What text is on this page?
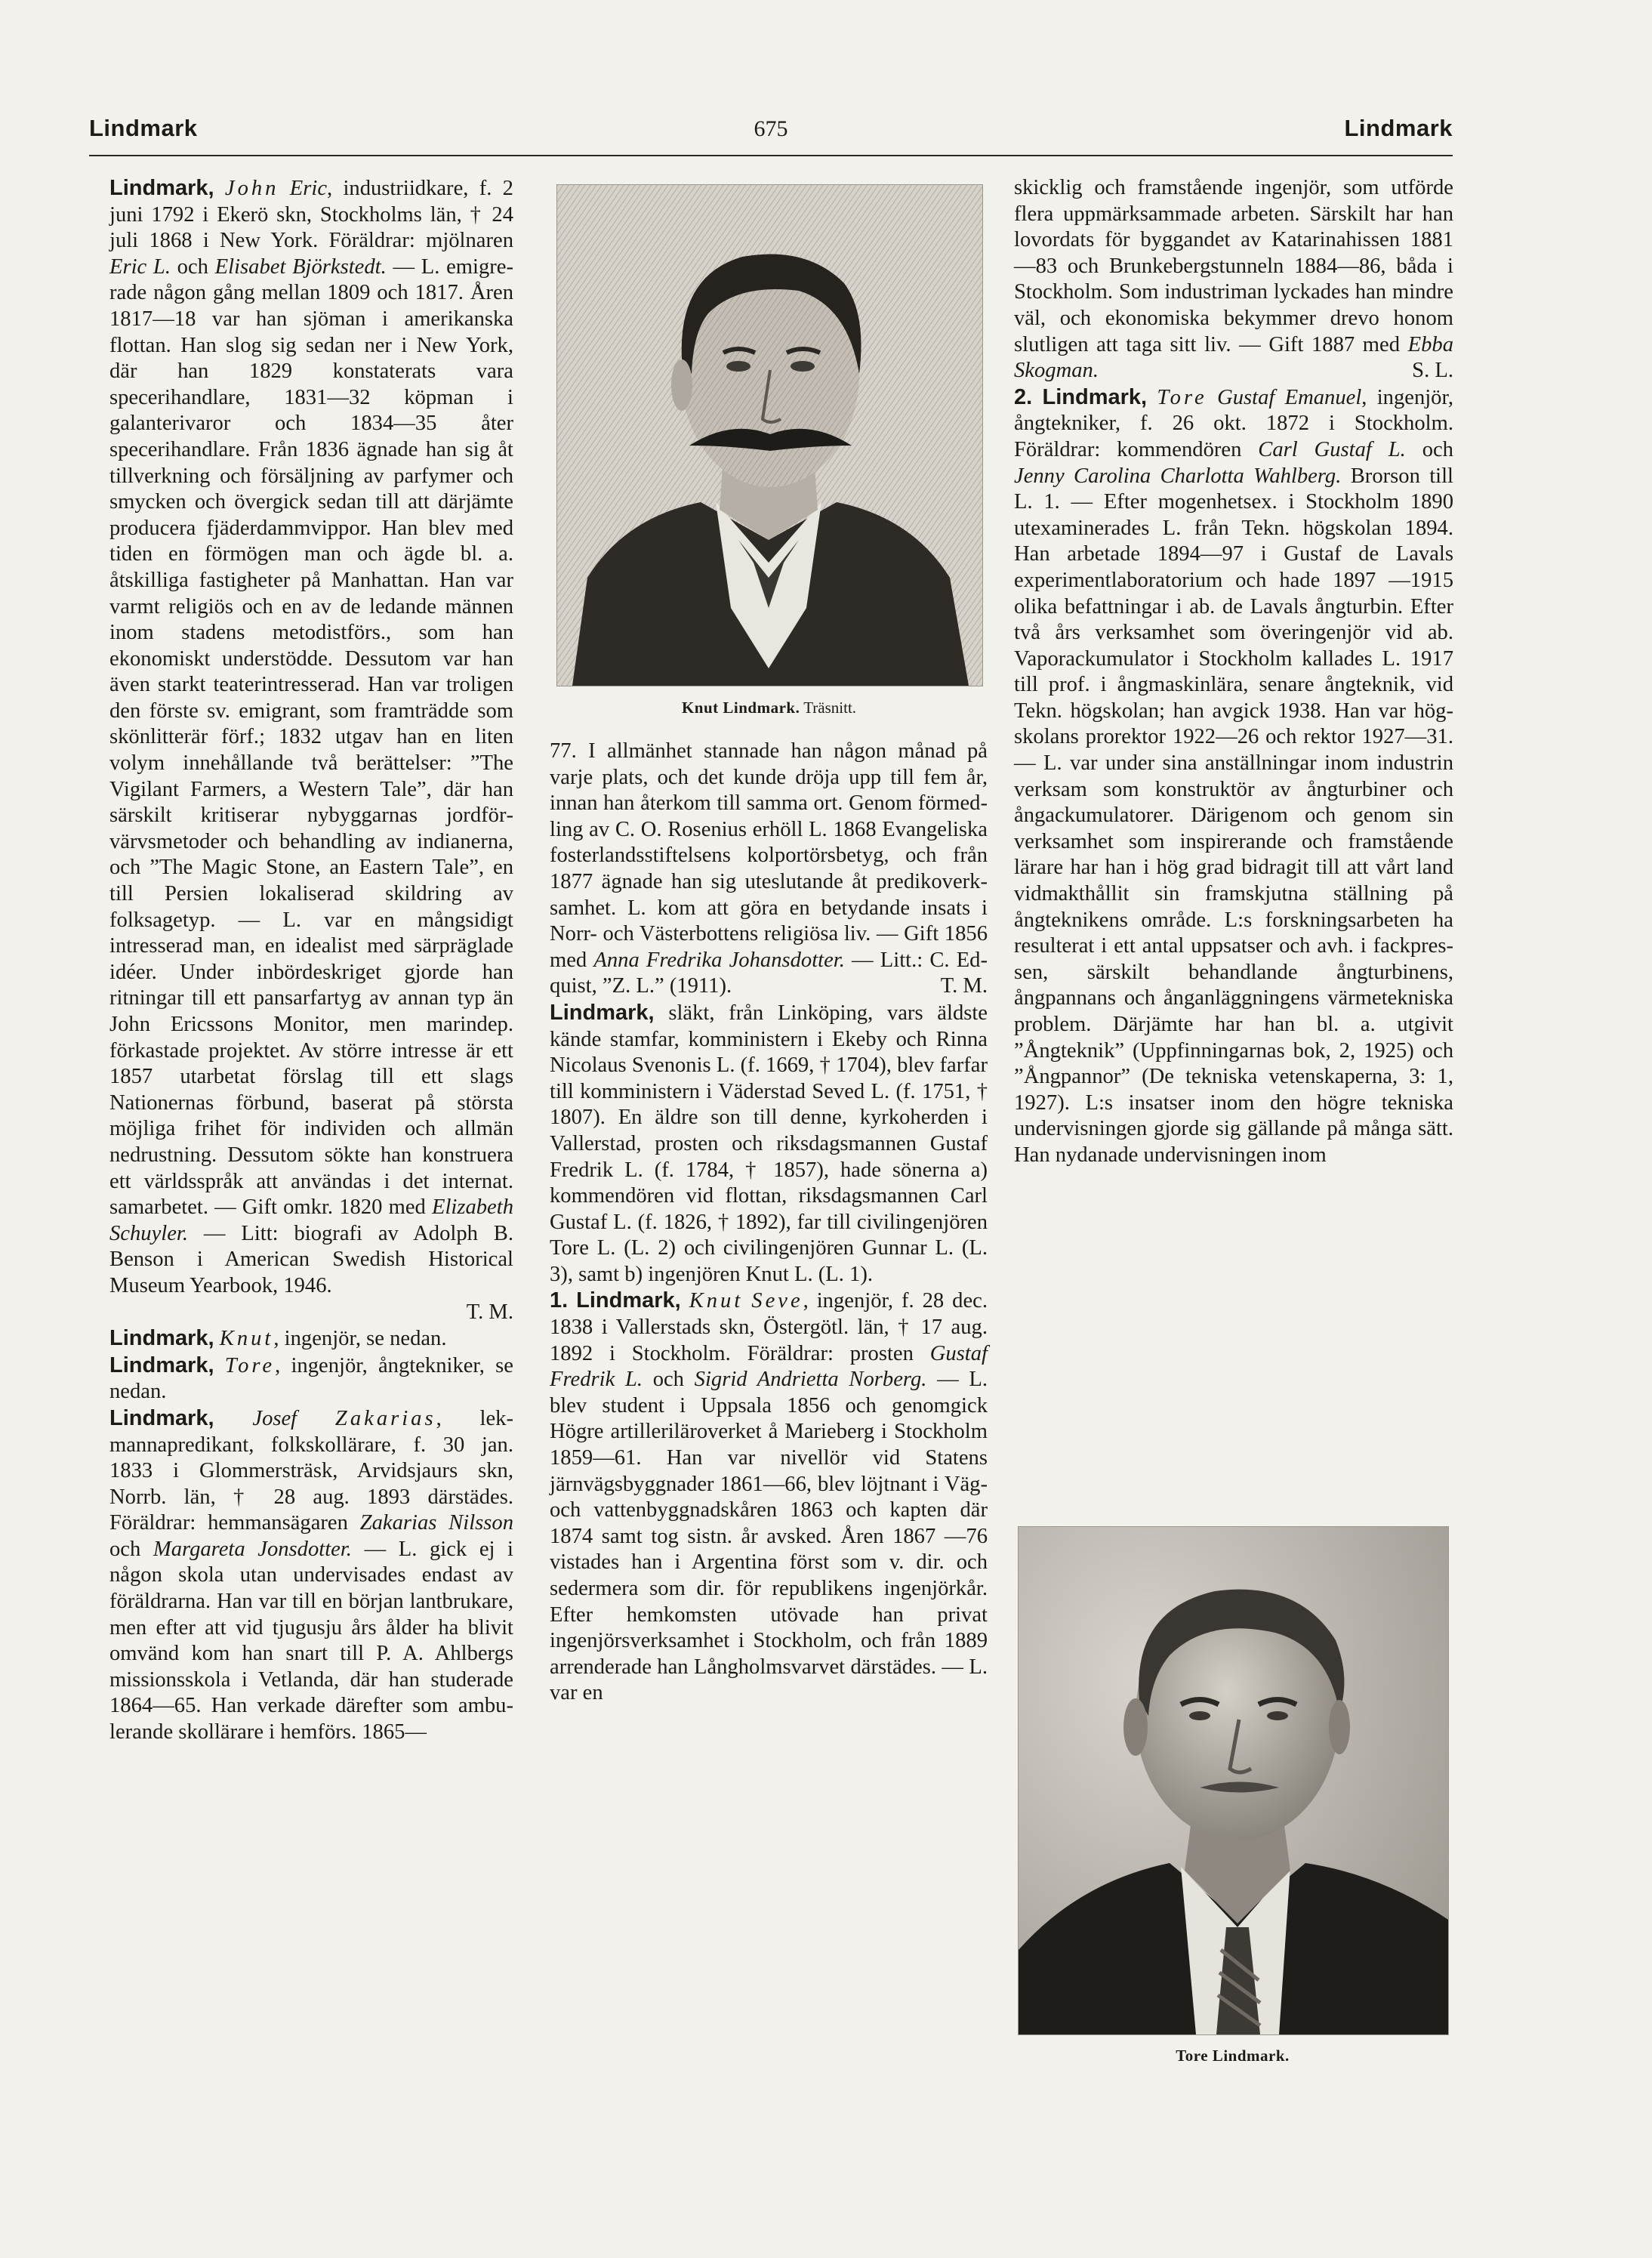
Lindmark	675	Lindmark

Lindmark, John Eric, industriidkare, f. 2 juni 1792 i Ekerö skn, Stockholms län, † 24 juli 1868 i New York. Föräldrar: mjölnaren Eric L. och Elisabet Björkstedt. — L. emigrerade någon gång mellan 1809 och 1817. Åren 1817—18 var han sjöman i amerikanska flottan. Han slog sig sedan ner i New York, där han 1829 konstaterats vara specerihandlare, 1831—32 köpman i galanterivaror och 1834—35 åter specerihandlare. Från 1836 ägnade han sig åt tillverkning och försäljning av parfymer och smycken och övergick sedan till att därjämte producera fjäderdammvippor. Han blev med tiden en förmögen man och ägde bl. a. åtskilliga fastigheter på Manhattan. Han var varmt religiös och en av de ledande männen inom stadens metodistförs., som han ekonomiskt understödde. Dessutom var han även starkt teaterintresserad. Han var troligen den förste sv. emigrant, som framträdde som skönlitterär förf.; 1832 utgav han en liten volym innehållande två berättelser: ”The Vigilant Farmers, a Western Tale”, där han särskilt kritiserar nybyggarnas jordförvärvsmetoder och behandling av indianerna, och ”The Magic Stone, an Eastern Tale”, en till Persien lokaliserad skildring av folksagetyp. — L. var en mångsidigt intresserad man, en idealist med särpräglade idéer. Under inbördeskriget gjorde han ritningar till ett pansarfartyg av annan typ än John Ericssons Monitor, men marindep. förkastade projektet. Av större intresse är ett 1857 utarbetat förslag till ett slags Nationernas förbund, baserat på största möjliga frihet för individen och allmän nedrustning. Dessutom sökte han konstruera ett världsspråk att användas i det internat. samarbetet. — Gift omkr. 1820 med Elizabeth Schuyler. — Litt: biografi av Adolph B. Benson i American Swedish Historical Museum Yearbook, 1946.
T. M.

Lindmark, Knut, ingenjör, se nedan.

Lindmark, Tore, ingenjör, ångtekniker, se nedan.

Lindmark, Josef Zakarias, lekmannapredikant, folkskollärare, f. 30 jan. 1833 i Glommersträsk, Arvidsjaurs skn, Norrb. län, † 28 aug. 1893 därstädes. Föräldrar: hemmansägaren Zakarias Nilsson och Margareta Jonsdotter. — L. gick ej i någon skola utan undervisades endast av föräldrarna. Han var till en början lantbrukare, men efter att vid tjugusju års ålder ha blivit omvänd kom han snart till P. A. Ahlbergs missionsskola i Vetlanda, där han studerade 1864—65. Han verkade därefter som ambulerande skollärare i hemförs. 1865—

Knut Lindmark. Träsnitt.

77. I allmänhet stannade han någon månad på varje plats, och det kunde dröja upp till fem år, innan han återkom till samma ort. Genom förmedling av C. O. Rosenius erhöll L. 1868 Evangeliska fosterlandsstiftelsens kolportörsbetyg, och från 1877 ägnade han sig uteslutande åt predikoverksamhet. L. kom att göra en betydande insats i Norr- och Västerbottens religiösa liv. — Gift 1856 med Anna Fredrika Johansdotter. — Litt.: C. Edquist, ”Z. L.” (1911).	T. M.

Lindmark, släkt, från Linköping, vars äldste kände stamfar, komministern i Ekeby och Rinna Nicolaus Svenonis L. (f. 1669, † 1704), blev farfar till komministern i Väderstad Seved L. (f. 1751, † 1807). En äldre son till denne, kyrkoherden i Vallerstad, prosten och riksdagsmannen Gustaf Fredrik L. (f. 1784, † 1857), hade sönerna a) kommendören vid flottan, riksdagsmannen Carl Gustaf L. (f. 1826, † 1892), far till civilingenjören Tore L. (L. 2) och civilingenjören Gunnar L. (L. 3), samt b) ingenjören Knut L. (L. 1).

1. Lindmark, Knut Seve, ingenjör, f. 28 dec. 1838 i Vallerstads skn, Östergötl. län, † 17 aug. 1892 i Stockholm. Föräldrar: prosten Gustaf Fredrik L. och Sigrid Andrietta Norberg. — L. blev student i Uppsala 1856 och genomgick Högre artilleriläroverket å Marieberg i Stockholm 1859—61. Han var nivellör vid Statens järnvägsbyggnader 1861—66, blev löjtnant i Väg- och vattenbyggnadskåren 1863 och kapten där 1874 samt tog sistn. år avsked. Åren 1867 —76 vistades han i Argentina först som v. dir. och sedermera som dir. för republikens ingenjörkår. Efter hemkomsten utövade han privat ingenjörsverksamhet i Stockholm, och från 1889 arrenderade han Långholmsvarvet därstädes. — L. var en

skicklig och framstående ingenjör, som utförde flera uppmärksammade arbeten. Särskilt har han lovordats för byggandet av Katarinahissen 1881 —83 och Brunkebergstunneln 1884—86, båda i Stockholm. Som industriman lyckades han mindre väl, och ekonomiska bekymmer drevo honom slutligen att taga sitt liv. — Gift 1887 med Ebba Skogman.	S. L.

2. Lindmark, Tore Gustaf Emanuel, ingenjör, ångtekniker, f. 26 okt. 1872 i Stockholm. Föräldrar: kommendören Carl Gustaf L. och Jenny Carolina Charlotta Wahlberg. Brorson till L. 1. — Efter mogenhetsex. i Stockholm 1890 utexaminerades L. från Tekn. högskolan 1894. Han arbetade 1894—97 i Gustaf de Lavals experimentlaboratorium och hade 1897 —1915 olika befattningar i ab. de Lavals ångturbin. Efter två års verksamhet som överingenjör vid ab. Vaporackumulator i Stockholm kallades L. 1917 till prof. i ångmaskinlära, senare ångteknik, vid Tekn. högskolan; han avgick 1938. Han var högskolans prorektor 1922—26 och rektor 1927—31. — L. var under sina anställningar inom industrin verksam som konstruktör av ångturbiner och ångackumulatorer. Därigenom och genom sin verksamhet som inspirerande och framstående lärare har han i hög grad bidragit till att vårt land vidmakthållit sin framskjutna ställning på ångteknikens område. L:s forskningsarbeten ha resulterat i ett antal uppsatser och avh. i fackpressen, särskilt behandlande ångturbinens, ångpannans och ånganläggningens värmetekniska problem. Därjämte har han bl. a. utgivit ”Ångteknik” (Uppfinningarnas bok, 2, 1925) och ”Ångpannor” (De tekniska vetenskaperna, 3: 1, 1927). L:s insatser inom den högre tekniska undervisningen gjorde sig gällande på många sätt. Han nydanade undervisningen inom

Tore Lindmark.
